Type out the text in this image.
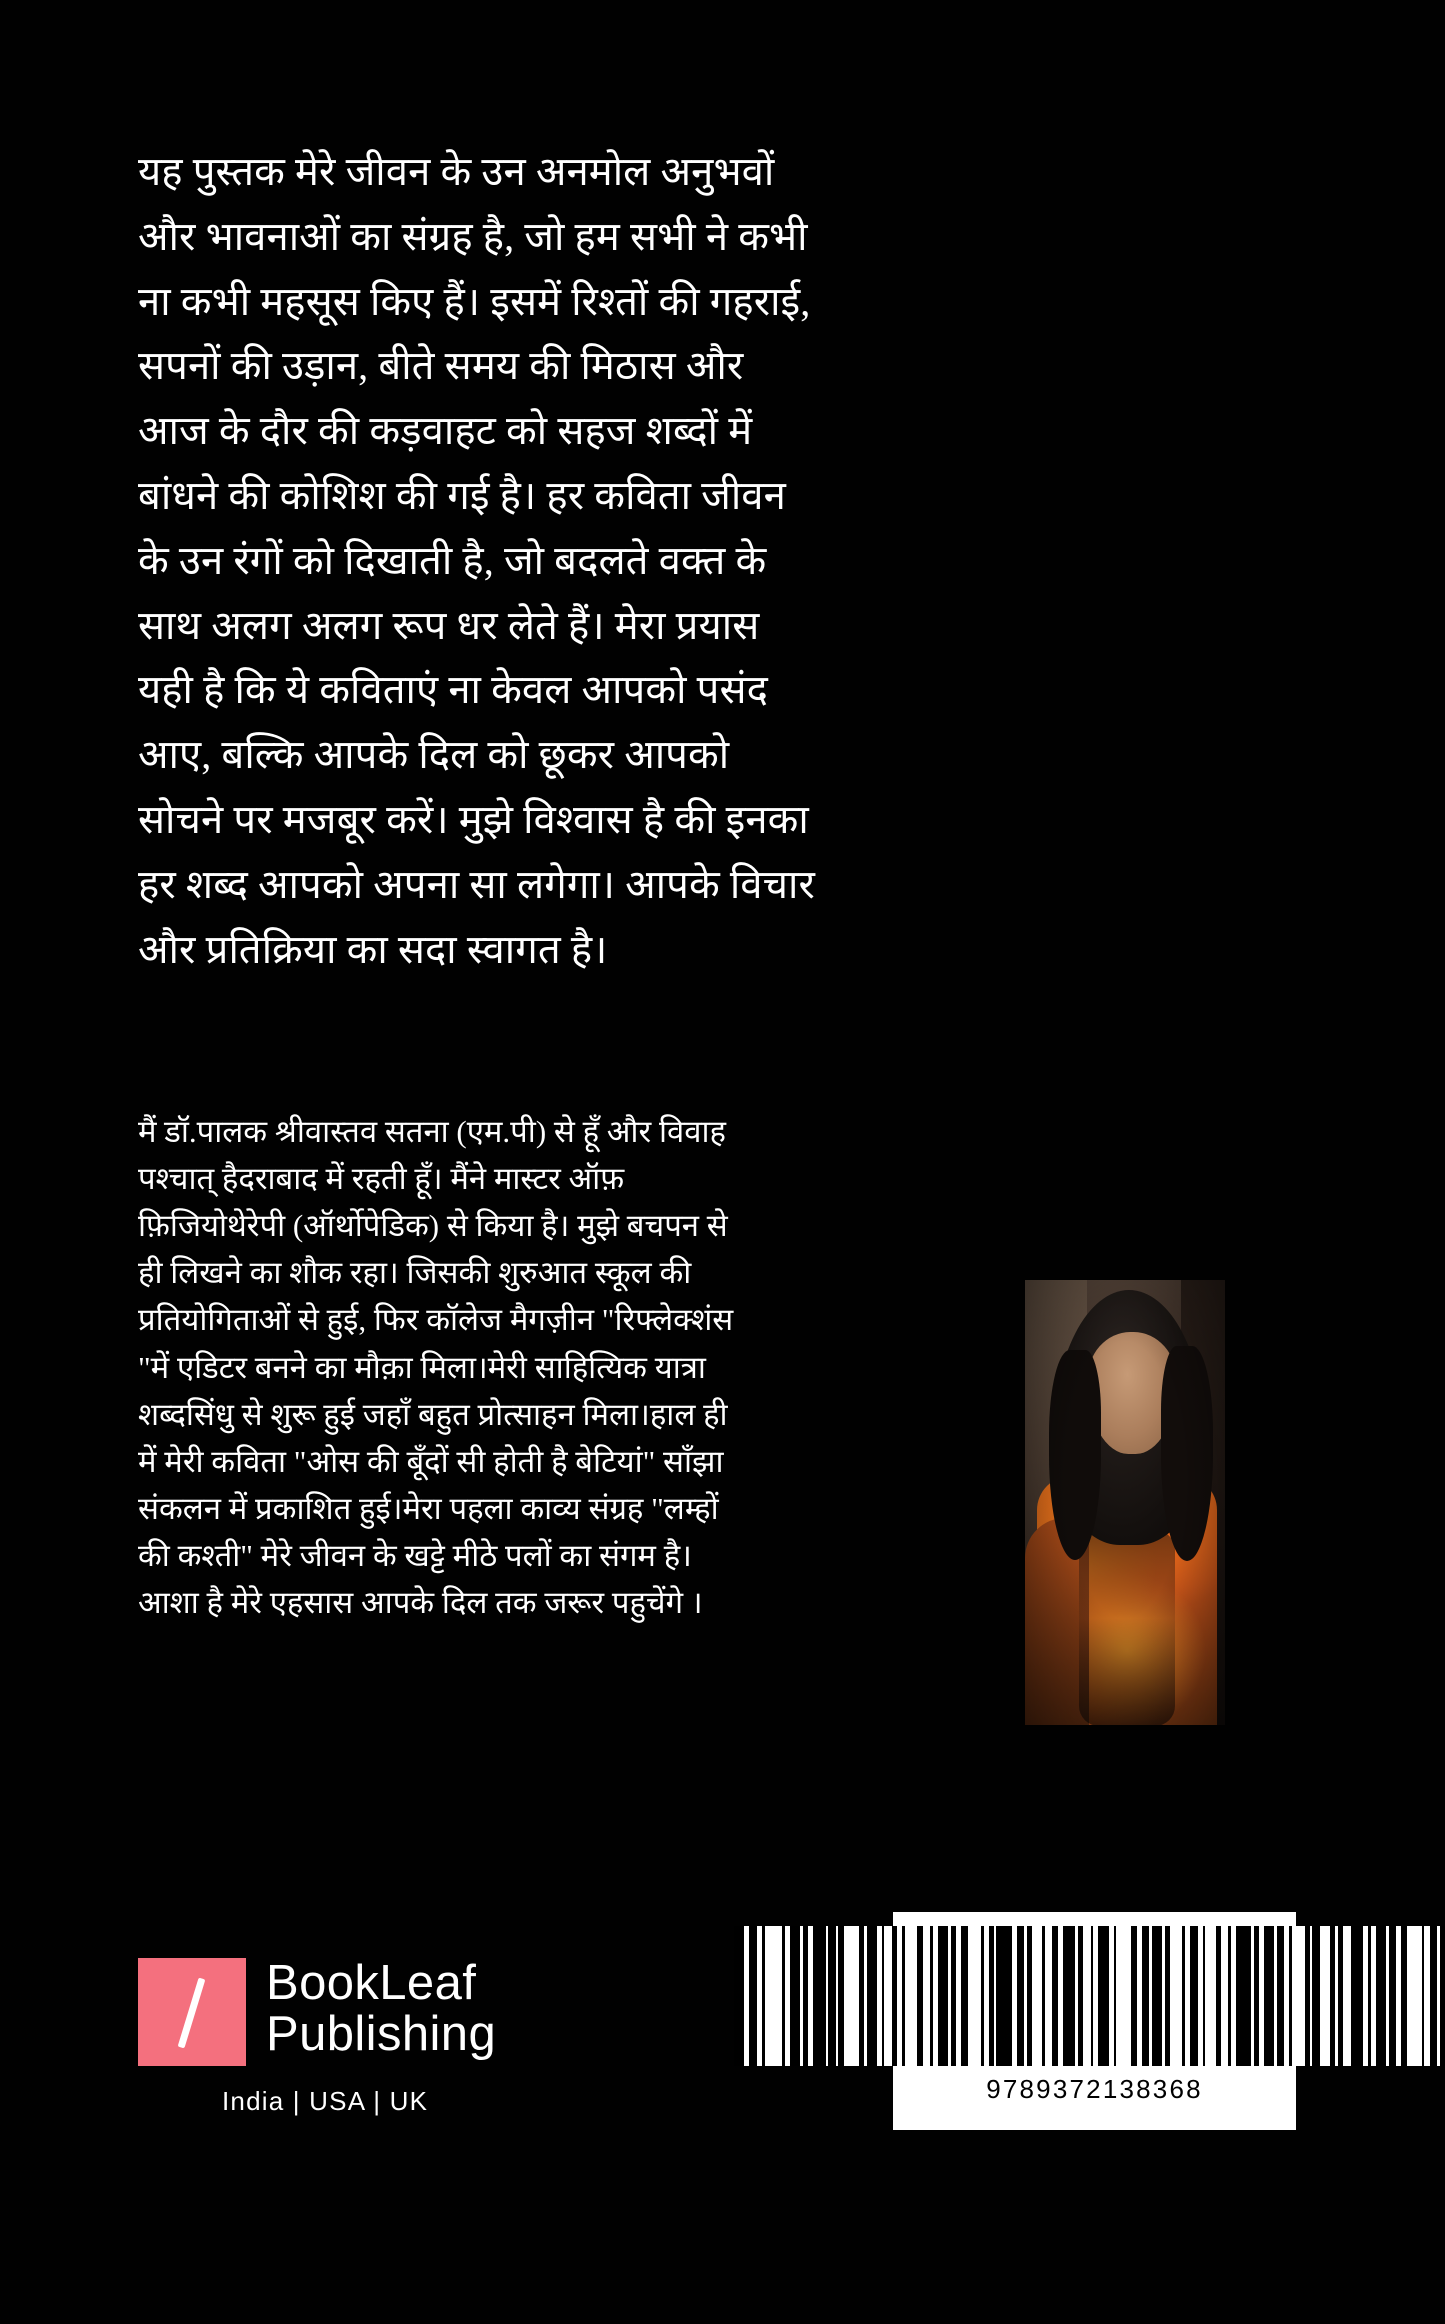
यह पुस्तक मेरे जीवन के उन अनमोल अनुभवों और भावनाओं का संग्रह है, जो हम सभी ने कभी ना कभी महसूस किए हैं। इसमें रिश्तों की गहराई, सपनों की उड़ान, बीते समय की मिठास और आज के दौर की कड़वाहट को सहज शब्दों में बांधने की कोशिश की गई है। हर कविता जीवन के उन रंगों को दिखाती है, जो बदलते वक्त के साथ अलग अलग रूप धर लेते हैं। मेरा प्रयास यही है कि ये कविताएं ना केवल आपको पसंद आए, बल्कि आपके दिल को छूकर आपको सोचने पर मजबूर करें। मुझे विश्वास है की इनका हर शब्द आपको अपना सा लगेगा। आपके विचार और प्रतिक्रिया का सदा स्वागत है।
मैं डॉ.पालक श्रीवास्तव सतना (एम.पी) से हूँ और विवाह पश्चात् हैदराबाद में रहती हूँ। मैंने मास्टर ऑफ़ फ़िजियोथेरेपी (ऑर्थोपेडिक) से किया है। मुझे बचपन से ही लिखने का शौक रहा। जिसकी शुरुआत स्कूल की प्रतियोगिताओं से हुई, फिर कॉलेज मैगज़ीन "रिफ्लेक्शंस "में एडिटर बनने का मौक़ा मिला।मेरी साहित्यिक यात्रा शब्दसिंधु से शुरू हुई जहाँ बहुत प्रोत्साहन मिला।हाल ही में मेरी कविता "ओस की बूँदों सी होती है बेटियां" साँझा संकलन में प्रकाशित हुई।मेरा पहला काव्य संग्रह "लम्हों की कश्ती" मेरे जीवन के खट्टे मीठे पलों का संगम है। आशा है मेरे एहसास आपके दिल तक जरूर पहुचेंगे ।
BookLeaf
Publishing
India | USA | UK	9789372138368
